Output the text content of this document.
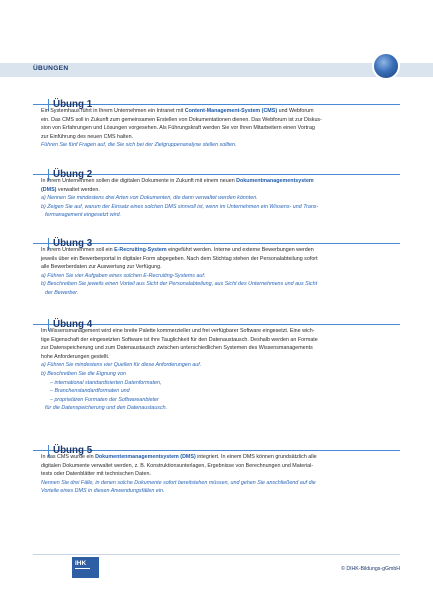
ÜBUNGEN
Übung 1

Ein Systemhaus führt in Ihrem Unternehmen ein Intranet mit Content-Management-System (CMS) und Webforum

ein. Das CMS soll in Zukunft zum gemeinsamen Erstellen von Dokumentationen dienen. Das Webforum ist zur Diskus-

sion von Erfahrungen und Lösungen vorgesehen. Als Führungskraft werden Sie vor Ihren Mitarbeitern einen Vortrag

zur Einführung des neuen CMS halten.

Führen Sie fünf Fragen auf, die Sie sich bei der Zielgruppenanalyse stellen sollten.

Übung 2

In Ihrem Unternehmen sollen die digitalen Dokumente in Zukunft mit einem neuen Dokumentmanagementsystem

(DMS) verwaltet werden.

a) Nennen Sie mindestens drei Arten von Dokumenten, die dann verwaltet werden könnten.

b) Zeigen Sie auf, warum der Einsatz eines solchen DMS sinnvoll ist, wenn im Unternehmen ein Wissens- und Trans-

fermanagement eingesetzt wird.

Übung 3

In Ihrem Unternehmen soll ein E-Recruiting-System eingeführt werden. Interne und externe Bewerbungen werden

jeweils über ein Bewerberportal in digitaler Form abgegeben. Nach dem Stichtag stehen der Personalabteilung sofort

alle Bewerberdaten zur Auswertung zur Verfügung.

a) Führen Sie vier Aufgaben eines solchen E-Recruiting-Systems auf.

b) Beschreiben Sie jeweils einen Vorteil aus Sicht der Personalabteilung, aus Sicht des Unternehmens und aus Sicht

der Bewerber.

Übung 4

Im Wissensmanagement wird eine breite Palette kommerzieller und frei verfügbarer Software eingesetzt. Eine wich-

tige Eigenschaft der eingesetzten Software ist ihre Tauglichkeit für den Datenaustausch. Deshalb werden an Formate

zur Datenspeicherung und zum Datenaustausch zwischen unterschiedlichen Systemen des Wissensmanagements

hohe Anforderungen gestellt.

a) Führen Sie mindestens vier Quellen für diese Anforderungen auf.

b) Beschreiben Sie die Eignung von

– international standardisierten Datenformaten,

– Branchenstandardformaten und

– proprietären Formaten der Softwareanbieter

für die Datenspeicherung und den Datenaustausch.

Übung 5

In das CMS wurde ein Dokumentenmanagementsystem (DMS) integriert. In einem DMS können grundsätzlich alle

digitalen Dokumente verwaltet werden, z. B. Konstruktionsunterlagen, Ergebnisse von Berechnungen und Material-

tests oder Datenblätter mit technischen Daten.

Nennen Sie drei Fälle, in denen solche Dokumente sofort bereitstehen müssen, und gehen Sie anschließend auf die

Vorteile eines DMS in diesen Anwendungsfällen ein.

IHK
© DIHK-Bildungs-gGmbH
